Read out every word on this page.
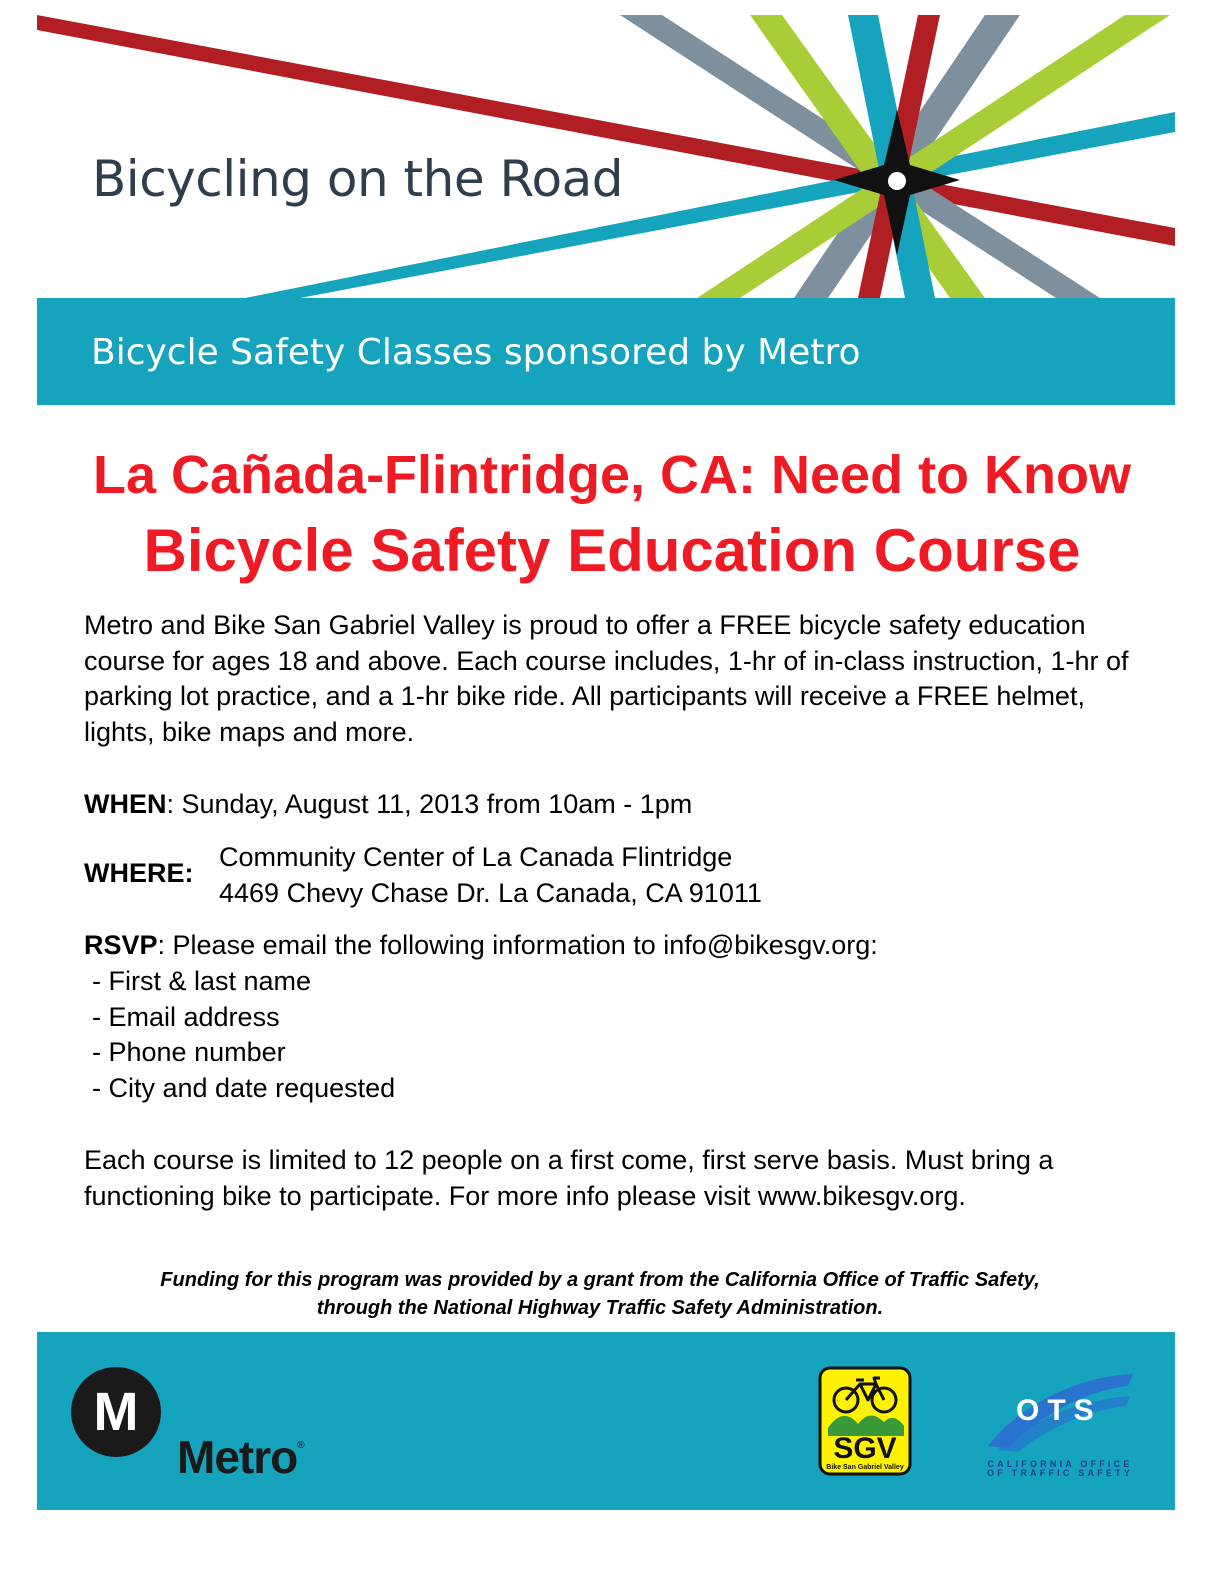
Bicycling on the Road
Bicycle Safety Classes sponsored by Metro
La Cañada-Flintridge, CA: Need to Know
Bicycle Safety Education Course
Metro and Bike San Gabriel Valley is proud to offer a FREE bicycle safety education course for ages 18 and above. Each course includes, 1-hr of in-class instruction, 1-hr of parking lot practice, and a 1-hr bike ride. All participants will receive a FREE helmet, lights, bike maps and more.
WHEN: Sunday, August 11, 2013 from 10am - 1pm
WHERE:
Community Center of La Canada Flintridge
4469 Chevy Chase Dr. La Canada, CA 91011
RSVP: Please email the following information to info@bikesgv.org:
- First & last name
- Email address
- Phone number
- City and date requested
Each course is limited to 12 people on a first come, first serve basis. Must bring a functioning bike to participate. For more info please visit www.bikesgv.org.
Funding for this program was provided by a grant from the California Office of Traffic Safety,
through the National Highway Traffic Safety Administration.
M
Metro®	SGV
Bike San Gabriel Valley
OTS
CALIFORNIA OFFICE
OF TRAFFIC SAFETY
